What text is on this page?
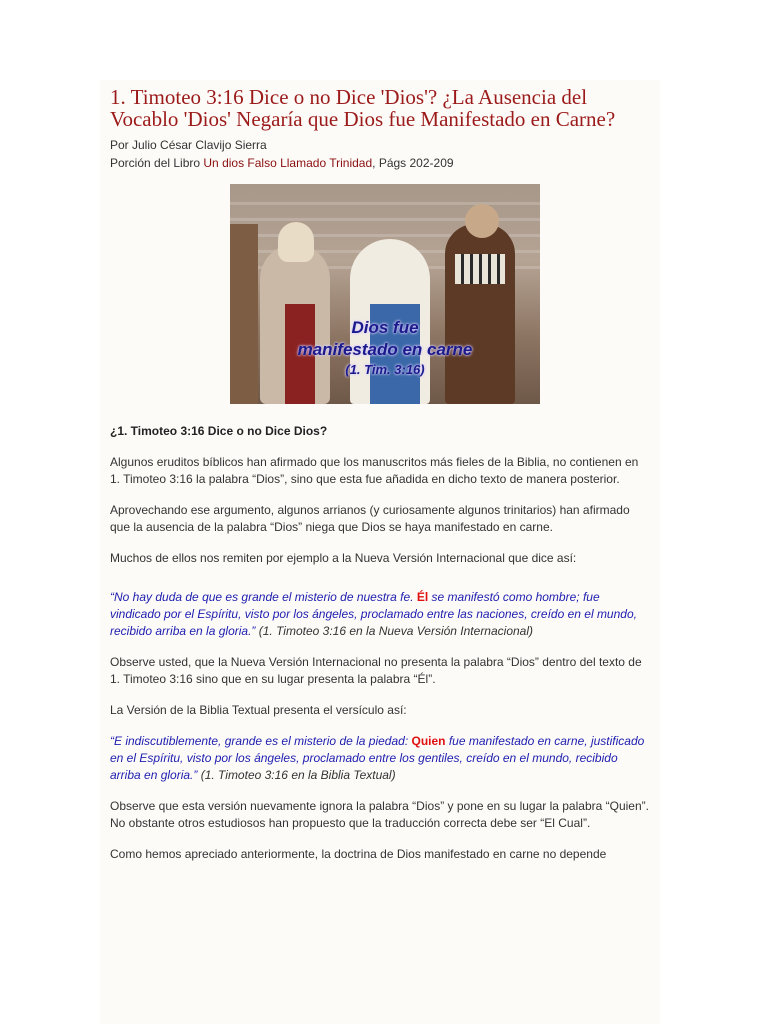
1. Timoteo 3:16 Dice o no Dice 'Dios'? ¿La Ausencia del Vocablo 'Dios' Negaría que Dios fue Manifestado en Carne?
Por Julio César Clavijo Sierra
Porción del Libro Un dios Falso Llamado Trinidad, Págs 202-209
Dios fue
manifestado en carne
(1. Tim. 3:16)
¿1. Timoteo 3:16 Dice o no Dice Dios?

Algunos eruditos bíblicos han afirmado que los manuscritos más fieles de la Biblia, no contienen en 1. Timoteo 3:16 la palabra “Dios”, sino que esta fue añadida en dicho texto de manera posterior.

Aprovechando ese argumento, algunos arrianos (y curiosamente algunos trinitarios) han afirmado que la ausencia de la palabra “Dios” niega que Dios se haya manifestado en carne.

Muchos de ellos nos remiten por ejemplo a la Nueva Versión Internacional que dice así:

“No hay duda de que es grande el misterio de nuestra fe. Él se manifestó como hombre; fue vindicado por el Espíritu, visto por los ángeles, proclamado entre las naciones, creído en el mundo, recibido arriba en la gloria.” (1. Timoteo 3:16 en la Nueva Versión Internacional)

Observe usted, que la Nueva Versión Internacional no presenta la palabra “Dios” dentro del texto de 1. Timoteo 3:16 sino que en su lugar presenta la palabra “Él”.

La Versión de la Biblia Textual presenta el versículo así:

“E indiscutiblemente, grande es el misterio de la piedad: Quien fue manifestado en carne, justificado en el Espíritu, visto por los ángeles, proclamado entre los gentiles, creído en el mundo, recibido arriba en gloria.” (1. Timoteo 3:16 en la Biblia Textual)

Observe que esta versión nuevamente ignora la palabra “Dios” y pone en su lugar la palabra “Quien”. No obstante otros estudiosos han propuesto que la traducción correcta debe ser “El Cual”.

Como hemos apreciado anteriormente, la doctrina de Dios manifestado en carne no depende
